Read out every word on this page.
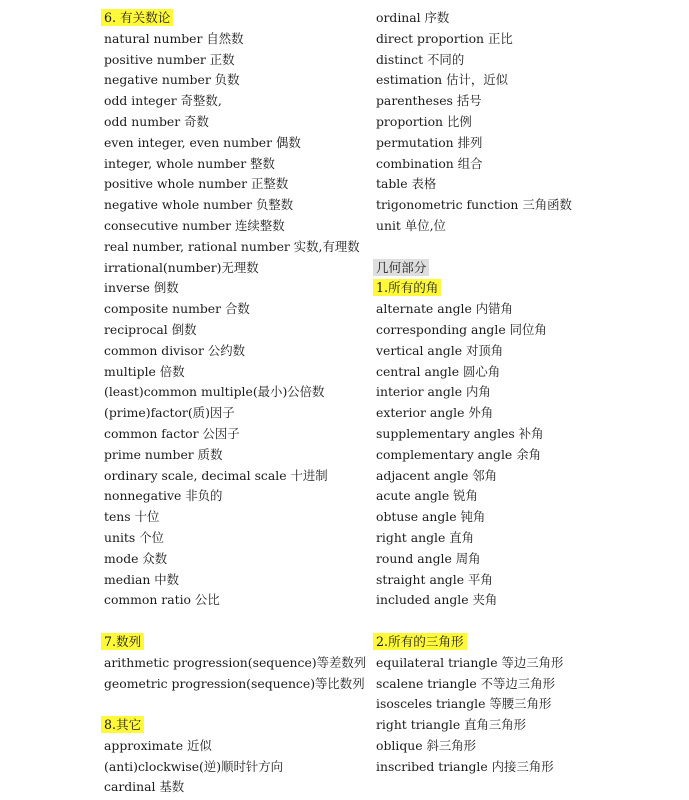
6. 有关数论
natural number 自然数
positive number 正数
negative number 负数
odd integer 奇整数,
odd number 奇数
even integer, even number 偶数
integer, whole number 整数
positive whole number 正整数
negative whole number 负整数
consecutive number 连续整数
real number, rational number 实数,有理数
irrational(number)无理数
inverse 倒数
composite number 合数
reciprocal 倒数
common divisor 公约数
multiple 倍数
(least)common multiple(最小)公倍数
(prime)factor(质)因子
common factor 公因子
prime number 质数
ordinary scale, decimal scale 十进制
nonnegative 非负的
tens 十位
units 个位
mode 众数
median 中数
common ratio 公比
7.数列
arithmetic progression(sequence)等差数列
geometric progression(sequence)等比数列
8.其它
approximate 近似
(anti)clockwise(逆)顺时针方向
cardinal 基数
ordinal 序数
direct proportion 正比
distinct 不同的
estimation 估计，近似
parentheses 括号
proportion 比例
permutation 排列
combination 组合
table 表格
trigonometric function 三角函数
unit 单位,位
几何部分
1.所有的角
alternate angle 内错角
corresponding angle 同位角
vertical angle 对顶角
central angle 圆心角
interior angle 内角
exterior angle 外角
supplementary angles 补角
complementary angle 余角
adjacent angle 邻角
acute angle 锐角
obtuse angle 钝角
right angle 直角
round angle 周角
straight angle 平角
included angle 夹角
2.所有的三角形
equilateral triangle 等边三角形
scalene triangle 不等边三角形
isosceles triangle 等腰三角形
right triangle 直角三角形
oblique 斜三角形
inscribed triangle 内接三角形
